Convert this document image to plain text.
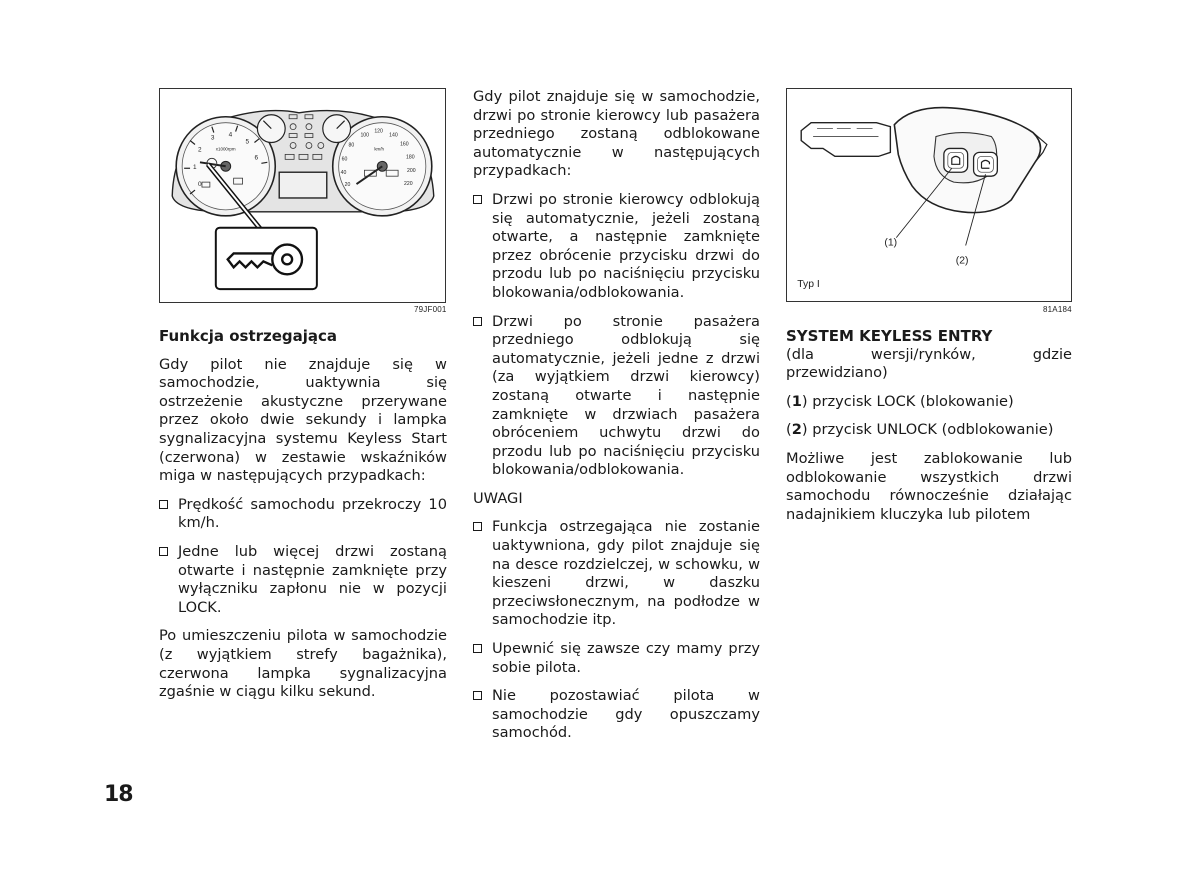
0
1
2
3 4
5
6
x1000rpm
20
40
60
80
100
120
140
160
180
200
220
km/h
79JF001
(1)
(2)
Typ I
81A184
Funkcja ostrzegająca

Gdy pilot nie znajduje się w samochodzie, uaktywnia się ostrzeżenie akustyczne przerywane przez około dwie sekundy i lampka sygnalizacyjna systemu Keyless Start (czerwona) w zestawie wskaźników miga w następujących przypadkach:

Prędkość samochodu przekroczy 10 km/h.
Jedne lub więcej drzwi zostaną otwarte i następnie zamknięte przy wyłączniku zapłonu nie w pozycji LOCK.

Po umieszczeniu pilota w samochodzie (z wyjątkiem strefy bagażnika), czerwona lampka sygnalizacyjna zgaśnie w ciągu kilku sekund.

Gdy pilot znajduje się w samochodzie, drzwi po stronie kierowcy lub pasażera przedniego zostaną odblokowane automatycznie w następujących przypadkach:

Drzwi po stronie kierowcy odblokują się automatycznie, jeżeli zostaną otwarte, a następnie zamknięte przez obrócenie przycisku drzwi do przodu lub po naciśnięciu przycisku blokowania/odblokowania.
Drzwi po stronie pasażera przedniego odblokują się automatycznie, jeżeli jedne z drzwi (za wyjątkiem drzwi kierowcy) zostaną otwarte i następnie zamknięte w drzwiach pasażera obróceniem uchwytu drzwi do przodu lub po naciśnięciu przycisku blokowania/odblokowania.

UWAGI

Funkcja ostrzegająca nie zostanie uaktywniona, gdy pilot znajduje się na desce rozdzielczej, w schowku, w kieszeni drzwi, w daszku przeciwsłonecznym, na podłodze w samochodzie itp.
Upewnić się zawsze czy mamy przy sobie pilota.
Nie pozostawiać pilota w samochodzie gdy opuszczamy samochód.
SYSTEM KEYLESS ENTRY

(dla wersji/rynków, gdzie przewidziano)

(1) przycisk LOCK (blokowanie)

(2) przycisk UNLOCK (odblokowanie)

Możliwe jest zablokowanie lub odblokowanie wszystkich drzwi samochodu równocześnie działając nadajnikiem kluczyka lub pilotem

18
